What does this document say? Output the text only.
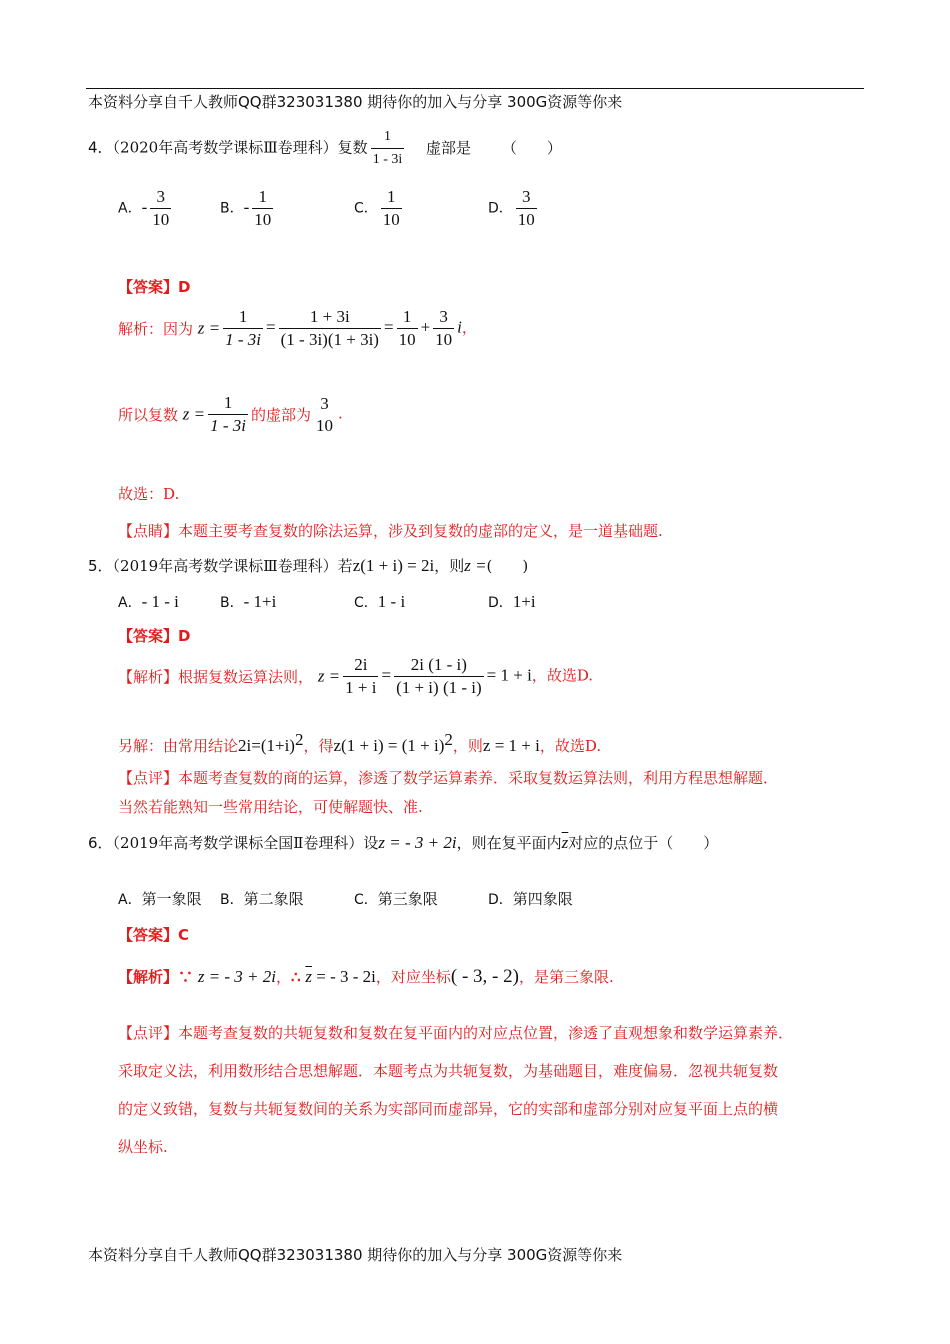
本资料分享自千人教师QQ群323031380 期待你的加入与分享 300G资源等你来
4．（2020年高考数学课标Ⅲ卷理科）复数 $\frac{1}{1 - 3i}$ 虚部是 （　　）
A．- $\frac{3}{10}$	B．- $\frac{1}{10}$	C． $\frac{1}{10}$	D． $\frac{3}{10}$
【答案】D
解析：因为 $z = \frac{1}{1 - 3i} = \frac{1 + 3i}{(1 - 3i)(1 + 3i)} = \frac{1}{10} + \frac{3}{10}$ i，
所以复数 $z = \frac{1}{1 - 3i}$ 的虚部为
3
10
.
故选：D.
【点睛】本题主要考查复数的除法运算，涉及到复数的虚部的定义，是一道基础题.
5．（2019年高考数学课标Ⅲ卷理科）若z(1 + i) = 2i，则z =(　　)
A．- 1 - i	B．- 1+i	C．1 - i	D．1+i
【答案】D
【解析】根据复数运算法则， $z = \frac{2i}{1 + i} = \frac{2i (1 - i)}{(1 + i) (1 - i)} = 1 + i$，故选D.
另解：由常用结论$2i=(1+i)^2$，得$z(1 + i) = (1 + i)^2$，则z = 1 + i，故选D.
【点评】本题考查复数的商的运算，渗透了数学运算素养．采取复数运算法则，利用方程思想解题．
当然若能熟知一些常用结论，可使解题快、准.
6．（2019年高考数学课标全国Ⅱ卷理科）设z = - 3 + 2i，则在复平面内$\overline{z}$对应的点位于（　　）
A．第一象限 B．第二象限	C．第三象限	D．第四象限
【答案】C
【解析】∵ z = - 3 + 2i，∴ $\overline{z}$ = - 3 - 2i，对应坐标( - 3, - 2)，是第三象限.
【点评】本题考查复数的共轭复数和复数在复平面内的对应点位置，渗透了直观想象和数学运算素养．
采取定义法，利用数形结合思想解题．本题考点为共轭复数，为基础题目，难度偏易．忽视共轭复数
的定义致错，复数与共轭复数间的关系为实部同而虚部异，它的实部和虚部分别对应复平面上点的横
纵坐标.
本资料分享自千人教师QQ群323031380 期待你的加入与分享 300G资源等你来
